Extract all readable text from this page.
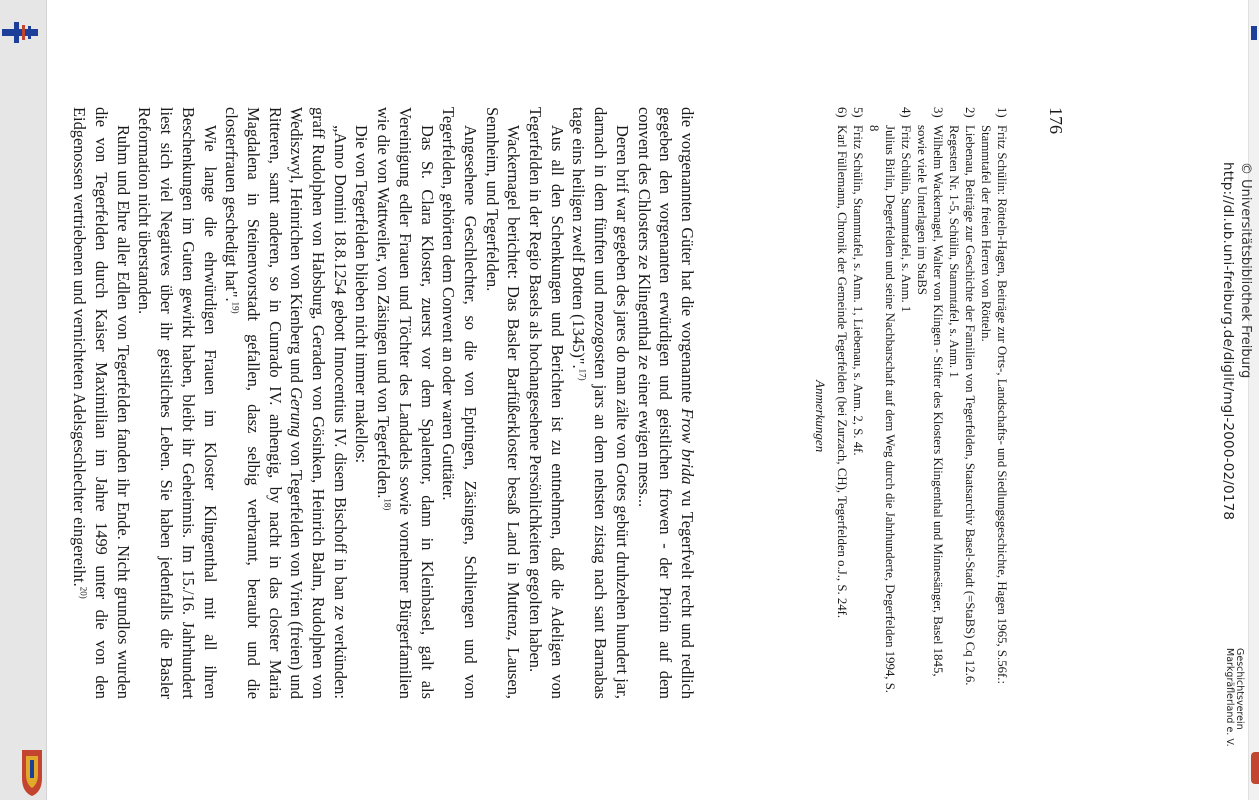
die vorgenannten Güter hat die vorgenannte Frow brida vu Tegerfvelt recht und redlich gegeben den vorgenanten erwürdigen und geistlichen frowen - der Priorin auf dem convent des Chlosters ze Klingenthal ze einer ewigen mess...

Deren brif war gegeben des jares do man zälte von Gotes gebürt druhzehen hundert jar, darnach in dem fünften und mezogosten jars an dem nehsten zistag nach sant Barnabas tage eins heiligen zwelf Botten (1345)".$^{17)}$

Aus all den Schenkungen und Berichten ist zu entnehmen, daß die Adeligen von Tegerfelden in der Regio Basels als hochangesehene Persönlichkeiten gegolten haben.

Wackernagel berichtet: Das Basler Barfüßerkloster besaß Land in Muttenz, Lausen, Sennheim, und Tegerfelden.

Angesehene Geschlechter, so die von Eptingen, Zäsingen, Schliengen und von Tegerfelden, gehörten dem Convent an oder waren Guttäter.

Das St. Clara Kloster, zuerst vor dem Spalentor, dann in Kleinbasel, galt als Vereinigung edler Frauen und Töchter des Landadels sowie vornehmer Bürgerfamilien wie die von Wattweiler, von Zäsingen und von Tegerfelden.$^{18)}$

Die von Tegerfelden blieben nicht immer makellos:

„Anno Domini 18.8.1254 gebott Innocentius IV. disem Bischoff in ban ze verkünden: graff Rudolphen von Habsburg, Geraden von Gösinken, Heinrich Balm, Rudolphen von Wediszwyl, Heinrichen von Kienberg und Gerung von Tegerfelden von Vrien (freien) und Ritteren, samt anderen, so in Cunrado IV. anhengig, by nacht in das closter Maria Magdalena in Steinenvorstadt gefallen, dasz selbig verbrannt, beraubt und die closterfrauen geschedigt hat".$^{19)}$

Wie lange die ehrwürdigen Frauen im Kloster Klingenthal mit all ihren Beschenkungen im Guten gewirkt haben, bleibt ihr Geheimnis. Im 15./16. Jahrhundert liest sich viel Negatives über ihr geistliches Leben. Sie haben jedenfalls die Basler Reformation nicht überstanden.

Ruhm und Ehre aller Edlen von Tegerfelden fanden ihr Ende. Nicht grundlos wurden die von Tegerfelden durch Kaiser Maximilian im Jahre 1499 unter die von den Eidgenossen vertriebenen und vernichteten Adelsgeschlechter eingereiht.$^{20)}$

Anmerkungen
1)
Fritz Schülin: Rötteln-Hagen, Beiträge zur Orts-, Landschafts- und Siedlungsgeschichte, Hagen 1965, S.56f.: Stammtafel der freien Herren von Rötteln.
2)
Liebenau, Beiträge zur Geschichte der Familien von Tegerfelden, Staatsarchiv Basel-Stadt (=StaBS) Cq 12.6. Regesten Nr. 1-5, Schülin, Stammtafel, s. Anm. 1
3)
Wilhelm Wackernagel, Walter von Klingen - Stifter des Klosters Klingenthal und Minnesänger, Basel 1845, sowie viele Unterlagen im StaBS
4)
Fritz Schülin, Stammtafel, s. Anm. 1
Julius Birlin, Degerfelden und seine Nachbarschaft auf dem Weg durch die Jahrhunderte, Degerfelden 1994, S. 8
5)
Fritz Schülin, Stammtafel, s. Anm. 1, Liebenau, s. Anm. 2, S. 4f.
6)
Karl Füllemann, Chronik der Gemeinde Tegerfelden (bei Zurzach, CH), Tegerfelden o.J., S. 24f.
176
http://dl.ub.uni-freiburg.de/diglit/mgl-2000-02/0178 © Universitätsbibliothek Freiburg
Geschichtsverein
Markgräflerland e. V.
